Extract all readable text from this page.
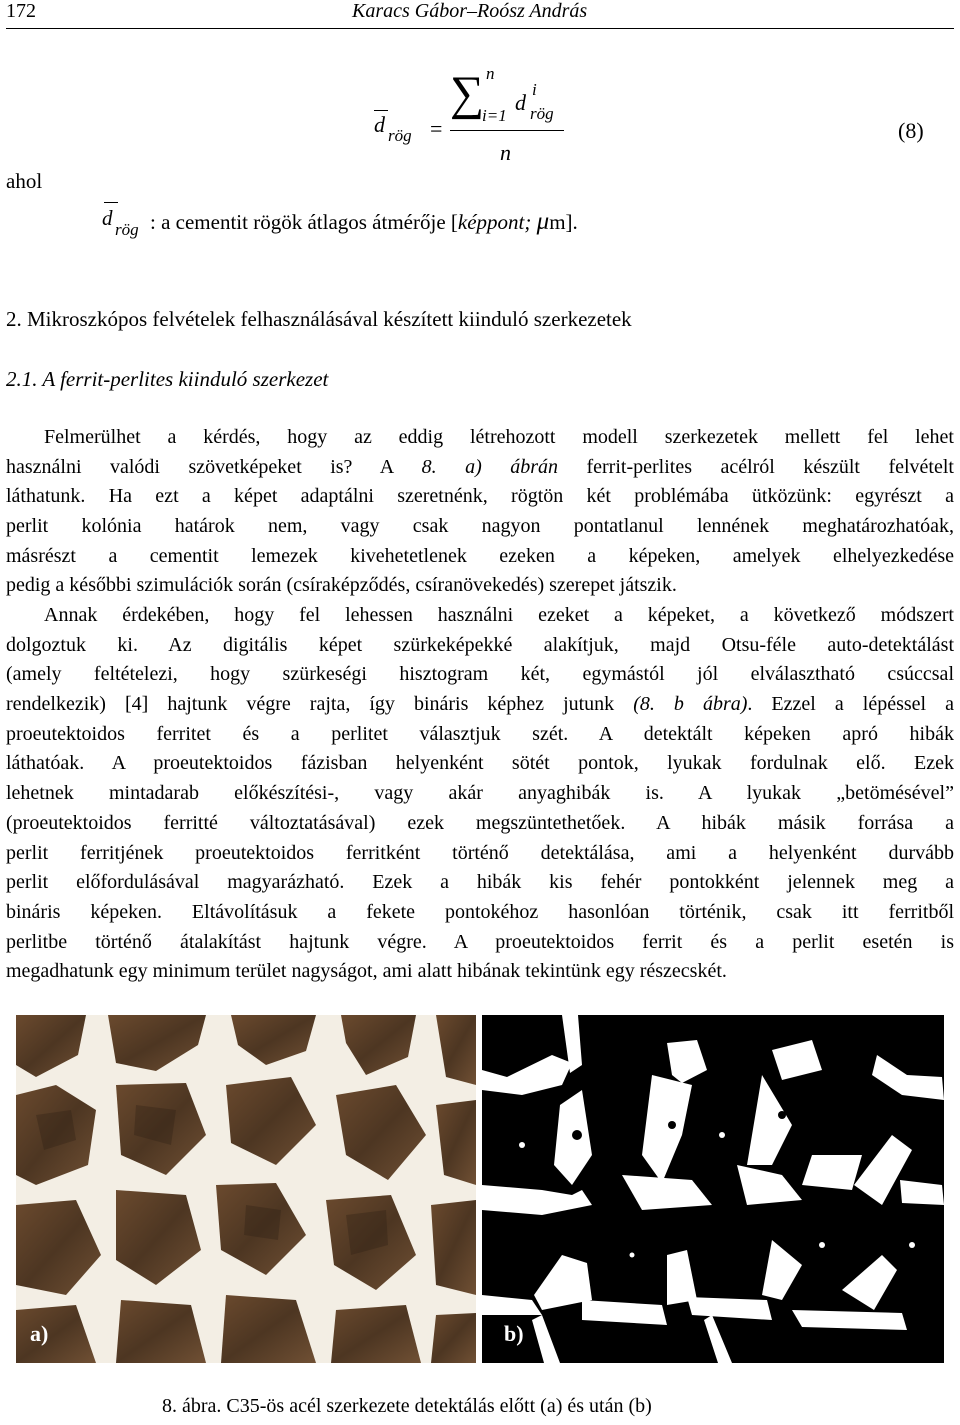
172	Karacs Gábor–Roósz András
d rög =
∑ n
i=1
d
i
rög
n
(8)
ahol
d rög : a cementit rögök átlagos átmérője [képpont; μm].
2. Mikroszkópos felvételek felhasználásával készített kiinduló szerkezetek
2.1. A ferrit-perlites kiinduló szerkezet
Felmerülhet a kérdés, hogy az eddig létrehozott modell szerkezetek mellett fel lehet
használni valódi szövetképeket is? A 8. a) ábrán ferrit-perlites acélról készült felvételt
láthatunk. Ha ezt a képet adaptálni szeretnénk, rögtön két problémába ütközünk: egyrészt a
perlit kolónia határok nem, vagy csak nagyon pontatlanul lennének meghatározhatóak,
másrészt a cementit lemezek kivehetetlenek ezeken a képeken, amelyek elhelyezkedése
pedig a későbbi szimulációk során (csíraképződés, csíranövekedés) szerepet játszik.
Annak érdekében, hogy fel lehessen használni ezeket a képeket, a következő módszert
dolgoztuk ki. Az digitális képet szürkeképekké alakítjuk, majd Otsu-féle auto-detektálást
(amely feltételezi, hogy szürkeségi hisztogram két, egymástól jól elválasztható csúccsal
rendelkezik) [4] hajtunk végre rajta, így bináris képhez jutunk (8. b ábra). Ezzel a lépéssel a
proeutektoidos ferritet és a perlitet választjuk szét. A detektált képeken apró hibák
láthatóak. A proeutektoidos fázisban helyenként sötét pontok, lyukak fordulnak elő. Ezek
lehetnek mintadarab előkészítési-, vagy akár anyaghibák is. A lyukak „betömésével”
(proeutektoidos ferritté változtatásával) ezek megszüntethetőek. A hibák másik forrása a
perlit ferritjének proeutektoidos ferritként történő detektálása, ami a helyenként durvább
perlit előfordulásával magyarázható. Ezek a hibák kis fehér pontokként jelennek meg a
bináris képeken. Eltávolításuk a fekete pontokéhoz hasonlóan történik, csak itt ferritből
perlitbe történő átalakítást hajtunk végre. A proeutektoidos ferrit és a perlit esetén is
megadhatunk egy minimum terület nagyságot, ami alatt hibának tekintünk egy részecskét.
a)	b)
8. ábra. C35-ös acél szerkezete detektálás előtt (a) és után (b)
